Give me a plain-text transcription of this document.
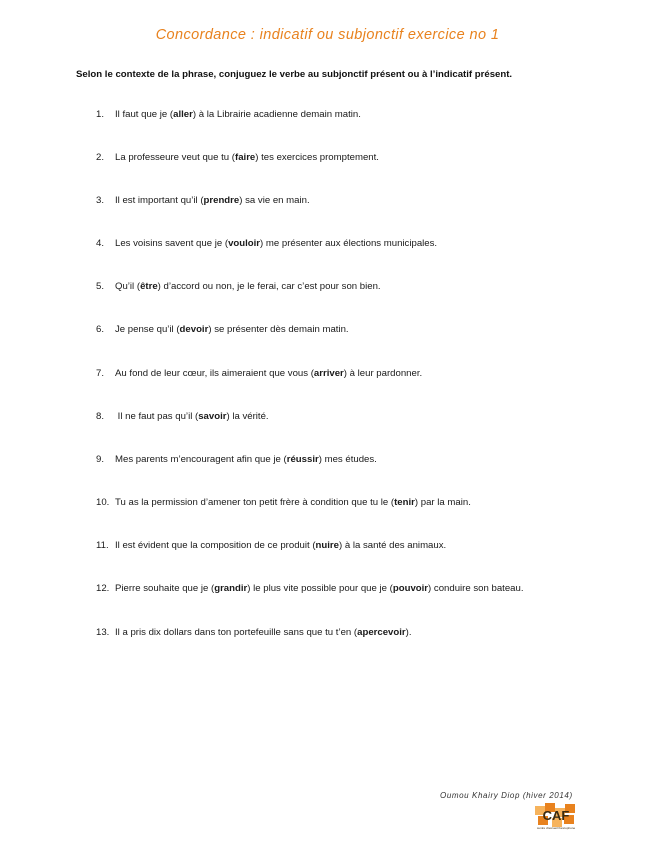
Concordance : indicatif ou subjonctif exercice no 1
Selon le contexte de la phrase, conjuguez le verbe au subjonctif présent ou à l’indicatif présent.
1. Il faut que je (aller) à la Librairie acadienne demain matin.
2. La professeure veut que tu (faire) tes exercices promptement.
3. Il est important qu’il (prendre) sa vie en main.
4. Les voisins savent que je (vouloir) me présenter aux élections municipales.
5. Qu’il (être) d’accord ou non, je le ferai, car c’est pour son bien.
6. Je pense qu’il (devoir) se présenter dès demain matin.
7. Au fond de leur cœur, ils aimeraient que vous (arriver) à leur pardonner.
8. Il ne faut pas qu’il (savoir) la vérité.
9. Mes parents m’encouragent afin que je (réussir) mes études.
10. Tu as la permission d’amener ton petit frère à condition que tu le (tenir) par la main.
11. Il est évident que la composition de ce produit (nuire) à la santé des animaux.
12. Pierre souhaite que je (grandir) le plus vite possible pour que je (pouvoir) conduire son bateau.
13. Il a pris dix dollars dans ton portefeuille sans que tu t’en (apercevoir).
Oumou Khairy Diop (hiver 2014)
CAF
centre d'accueil francophone
